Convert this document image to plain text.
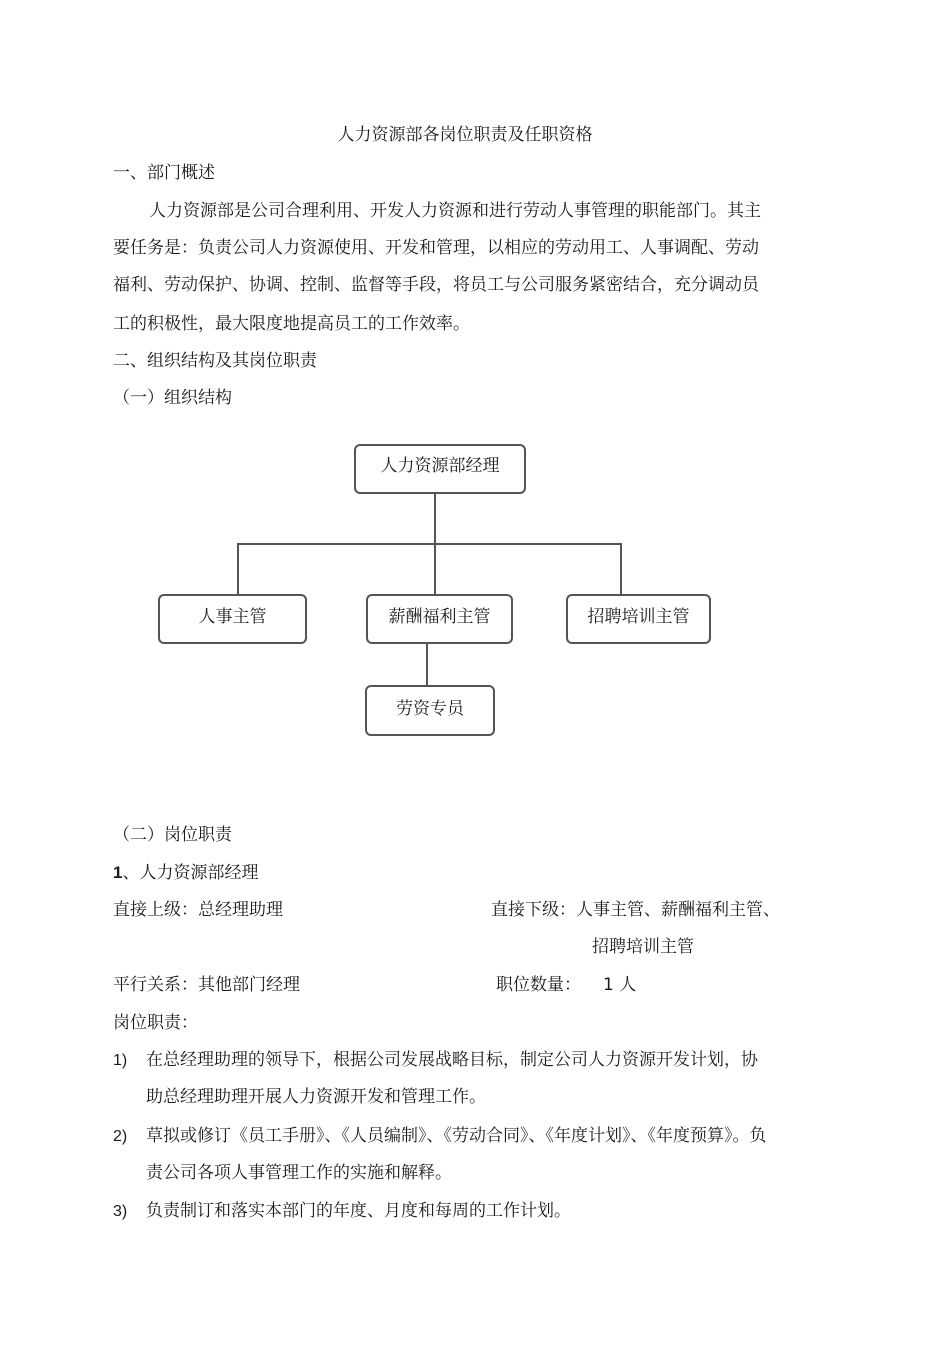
人力资源部各岗位职责及任职资格
一、部门概述
人力资源部是公司合理利用、开发人力资源和进行劳动人事管理的职能部门。其主
要任务是：负责公司人力资源使用、开发和管理，以相应的劳动用工、人事调配、劳动
福利、劳动保护、协调、控制、监督等手段，将员工与公司服务紧密结合，充分调动员
工的积极性，最大限度地提高员工的工作效率。
二、组织结构及其岗位职责
（一）组织结构
人力资源部经理
人事主管	薪酬福利主管	招聘培训主管
劳资专员
（二）岗位职责
1、人力资源部经理
直接上级：总经理助理	直接下级：人事主管、薪酬福利主管、
招聘培训主管
平行关系：其他部门经理	职位数量： 1 人
岗位职责：
1) 在总经理助理的领导下，根据公司发展战略目标，制定公司人力资源开发计划，协
助总经理助理开展人力资源开发和管理工作。
2) 草拟或修订《员工手册》、《人员编制》、《劳动合同》、《年度计划》、《年度预算》。负
责公司各项人事管理工作的实施和解释。
3) 负责制订和落实本部门的年度、月度和每周的工作计划。
